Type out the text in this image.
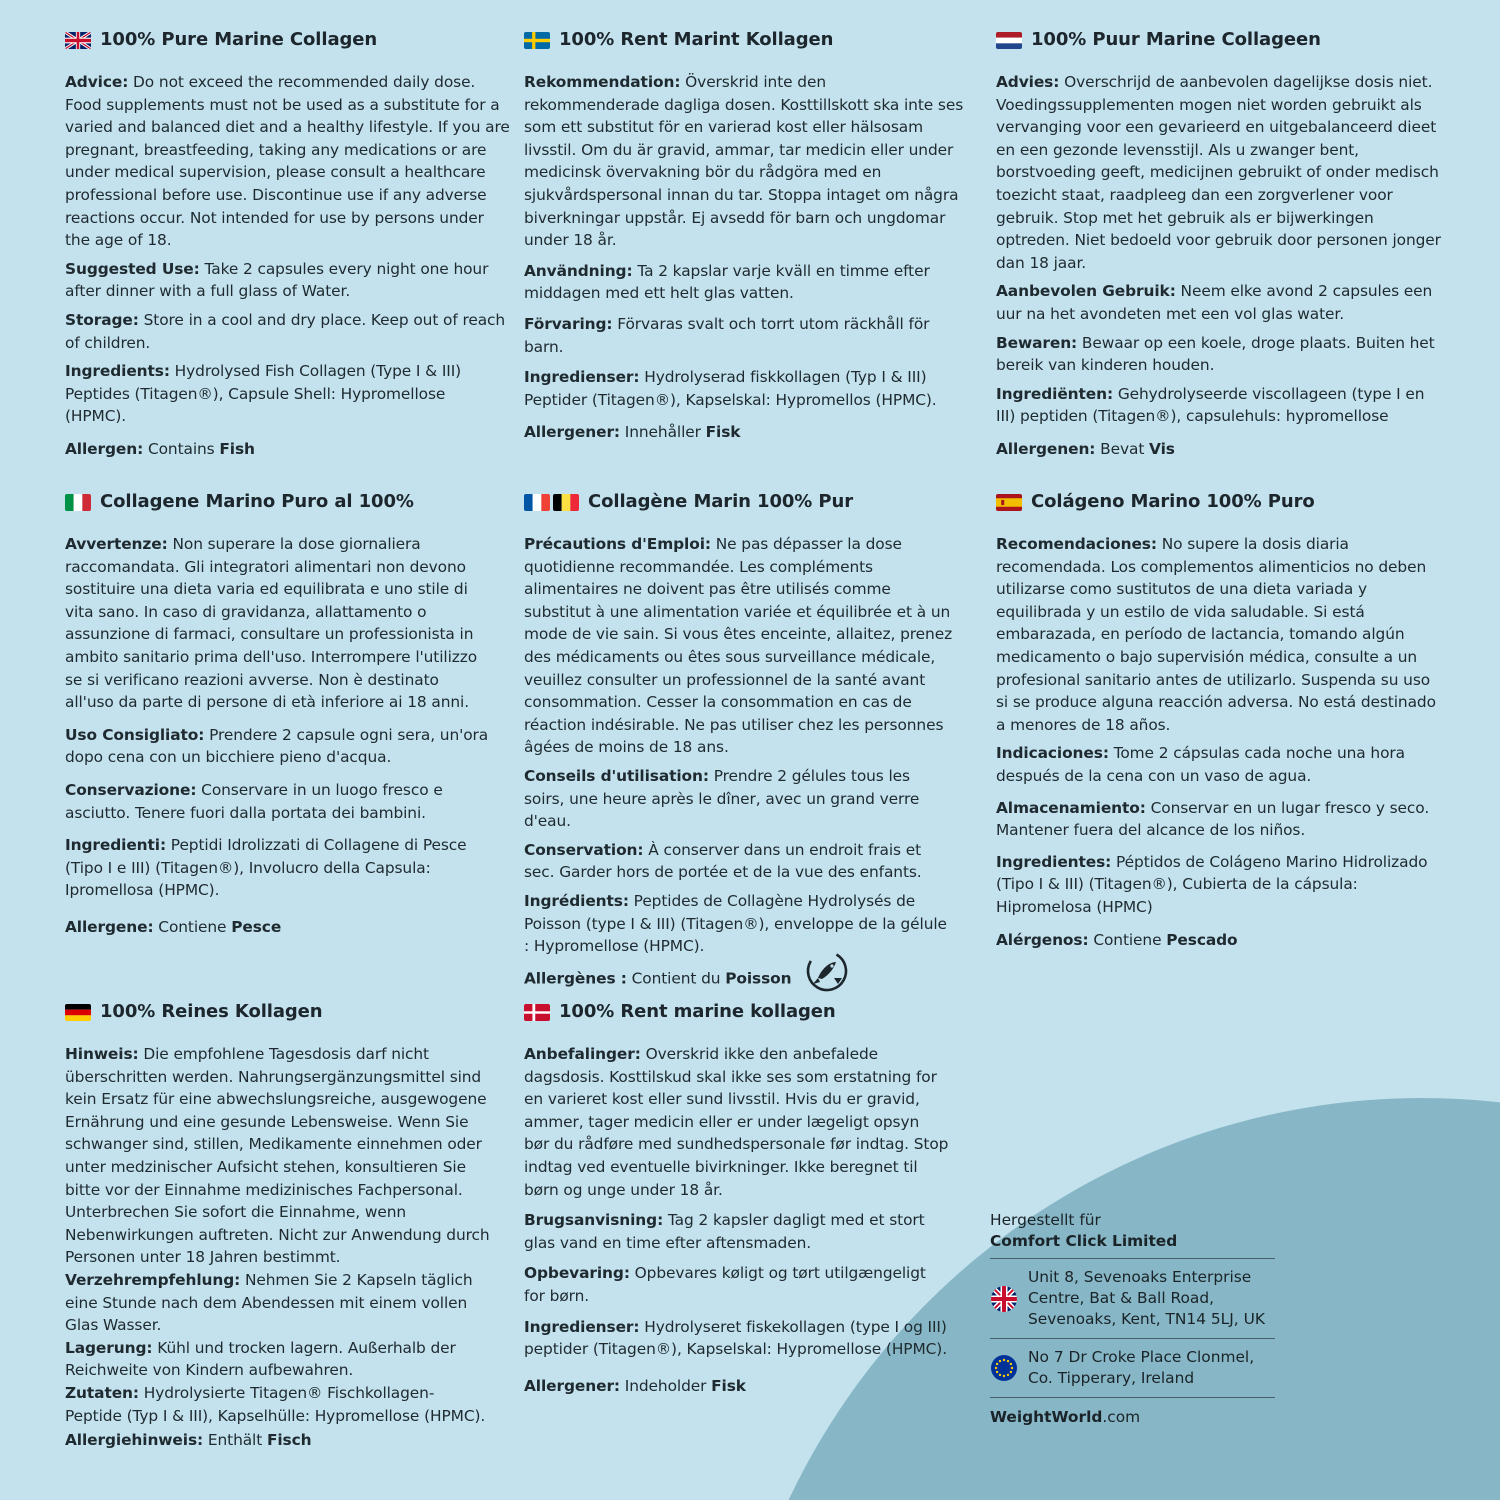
100% Pure Marine Collagen
Advice: Do not exceed the recommended daily dose. Food supplements must not be used as a substitute for a varied and balanced diet and a healthy lifestyle. If you are pregnant, breastfeeding, taking any medications or are under medical supervision, please consult a healthcare professional before use. Discontinue use if any adverse reactions occur. Not intended for use by persons under the age of 18.
Suggested Use: Take 2 capsules every night one hour after dinner with a full glass of Water.
Storage: Store in a cool and dry place. Keep out of reach of children.
Ingredients: Hydrolysed Fish Collagen (Type I & III) Peptides (Titagen®), Capsule Shell: Hypromellose (HPMC).
Allergen: Contains Fish
100% Rent Marint Kollagen
Rekommendation: Överskrid inte den rekommenderade dagliga dosen. Kosttillskott ska inte ses som ett substitut för en varierad kost eller hälsosam livsstil. Om du är gravid, ammar, tar medicin eller under medicinsk övervakning bör du rådgöra med en sjukvårdspersonal innan du tar. Stoppa intaget om några biverkningar uppstår. Ej avsedd för barn och ungdomar under 18 år.
Användning: Ta 2 kapslar varje kväll en timme efter middagen med ett helt glas vatten.
Förvaring: Förvaras svalt och torrt utom räckhåll för barn.
Ingredienser: Hydrolyserad fiskkollagen (Typ I & III) Peptider (Titagen®), Kapselskal: Hypromellos (HPMC).
Allergener: Innehåller Fisk
100% Puur Marine Collageen
Advies: Overschrijd de aanbevolen dagelijkse dosis niet. Voedingssupplementen mogen niet worden gebruikt als vervanging voor een gevarieerd en uitgebalanceerd dieet en een gezonde levensstijl. Als u zwanger bent, borstvoeding geeft, medicijnen gebruikt of onder medisch toezicht staat, raadpleeg dan een zorgverlener voor gebruik. Stop met het gebruik als er bijwerkingen optreden. Niet bedoeld voor gebruik door personen jonger dan 18 jaar.
Aanbevolen Gebruik: Neem elke avond 2 capsules een uur na het avondeten met een vol glas water.
Bewaren: Bewaar op een koele, droge plaats. Buiten het bereik van kinderen houden.
Ingrediënten: Gehydrolyseerde viscollageen (type I en III) peptiden (Titagen®), capsulehuls: hypromellose
Allergenen: Bevat Vis
Collagene Marino Puro al 100%
Avvertenze: Non superare la dose giornaliera raccomandata. Gli integratori alimentari non devono sostituire una dieta varia ed equilibrata e uno stile di vita sano. In caso di gravidanza, allattamento o assunzione di farmaci, consultare un professionista in ambito sanitario prima dell'uso. Interrompere l'utilizzo se si verificano reazioni avverse. Non è destinato all'uso da parte di persone di età inferiore ai 18 anni.
Uso Consigliato: Prendere 2 capsule ogni sera, un'ora dopo cena con un bicchiere pieno d'acqua.
Conservazione: Conservare in un luogo fresco e asciutto. Tenere fuori dalla portata dei bambini.
Ingredienti: Peptidi Idrolizzati di Collagene di Pesce (Tipo I e III) (Titagen®), Involucro della Capsula: Ipromellosa (HPMC).
Allergene: Contiene Pesce
Collagène Marin 100% Pur
Précautions d'Emploi: Ne pas dépasser la dose quotidienne recommandée. Les compléments alimentaires ne doivent pas être utilisés comme substitut à une alimentation variée et équilibrée et à un mode de vie sain. Si vous êtes enceinte, allaitez, prenez des médicaments ou êtes sous surveillance médicale, veuillez consulter un professionnel de la santé avant consommation. Cesser la consommation en cas de réaction indésirable. Ne pas utiliser chez les personnes âgées de moins de 18 ans.
Conseils d'utilisation: Prendre 2 gélules tous les soirs, une heure après le dîner, avec un grand verre d'eau.
Conservation: À conserver dans un endroit frais et sec. Garder hors de portée et de la vue des enfants.
Ingrédients: Peptides de Collagène Hydrolysés de Poisson (type I & III) (Titagen®), enveloppe de la gélule : Hypromellose (HPMC).
Allergènes : Contient du Poisson
Colágeno Marino 100% Puro
Recomendaciones: No supere la dosis diaria recomendada. Los complementos alimenticios no deben utilizarse como sustitutos de una dieta variada y equilibrada y un estilo de vida saludable. Si está embarazada, en período de lactancia, tomando algún medicamento o bajo supervisión médica, consulte a un profesional sanitario antes de utilizarlo. Suspenda su uso si se produce alguna reacción adversa. No está destinado a menores de 18 años.
Indicaciones: Tome 2 cápsulas cada noche una hora después de la cena con un vaso de agua.
Almacenamiento: Conservar en un lugar fresco y seco. Mantener fuera del alcance de los niños.
Ingredientes: Péptidos de Colágeno Marino Hidrolizado (Tipo I & III) (Titagen®), Cubierta de la cápsula: Hipromelosa (HPMC)
Alérgenos: Contiene Pescado
100% Reines Kollagen
Hinweis: Die empfohlene Tagesdosis darf nicht überschritten werden. Nahrungsergänzungsmittel sind kein Ersatz für eine abwechslungsreiche, ausgewogene Ernährung und eine gesunde Lebensweise. Wenn Sie schwanger sind, stillen, Medikamente einnehmen oder unter medzinischer Aufsicht stehen, konsultieren Sie bitte vor der Einnahme medizinisches Fachpersonal. Unterbrechen Sie sofort die Einnahme, wenn Nebenwirkungen auftreten. Nicht zur Anwendung durch Personen unter 18 Jahren bestimmt.
Verzehrempfehlung: Nehmen Sie 2 Kapseln täglich eine Stunde nach dem Abendessen mit einem vollen Glas Wasser.
Lagerung: Kühl und trocken lagern. Außerhalb der Reichweite von Kindern aufbewahren.
Zutaten: Hydrolysierte Titagen® Fischkollagen-Peptide (Typ I & III), Kapselhülle: Hypromellose (HPMC).
Allergiehinweis: Enthält Fisch
100% Rent marine kollagen
Anbefalinger: Overskrid ikke den anbefalede dagsdosis. Kosttilskud skal ikke ses som erstatning for en varieret kost eller sund livsstil. Hvis du er gravid, ammer, tager medicin eller er under lægeligt opsyn bør du rådføre med sundhedspersonale før indtag. Stop indtag ved eventuelle bivirkninger. Ikke beregnet til børn og unge under 18 år.
Brugsanvisning: Tag 2 kapsler dagligt med et stort glas vand en time efter aftensmaden.
Opbevaring: Opbevares køligt og tørt utilgængeligt for børn.
Ingredienser: Hydrolyseret fiskekollagen (type I og III) peptider (Titagen®), Kapselskal: Hypromellose (HPMC).
Allergener: Indeholder Fisk
Hergestellt für
Comfort Click Limited
Unit 8, Sevenoaks Enterprise Centre, Bat & Ball Road, Sevenoaks, Kent, TN14 5LJ, UK
No 7 Dr Croke Place Clonmel, Co. Tipperary, Ireland
WeightWorld.com
